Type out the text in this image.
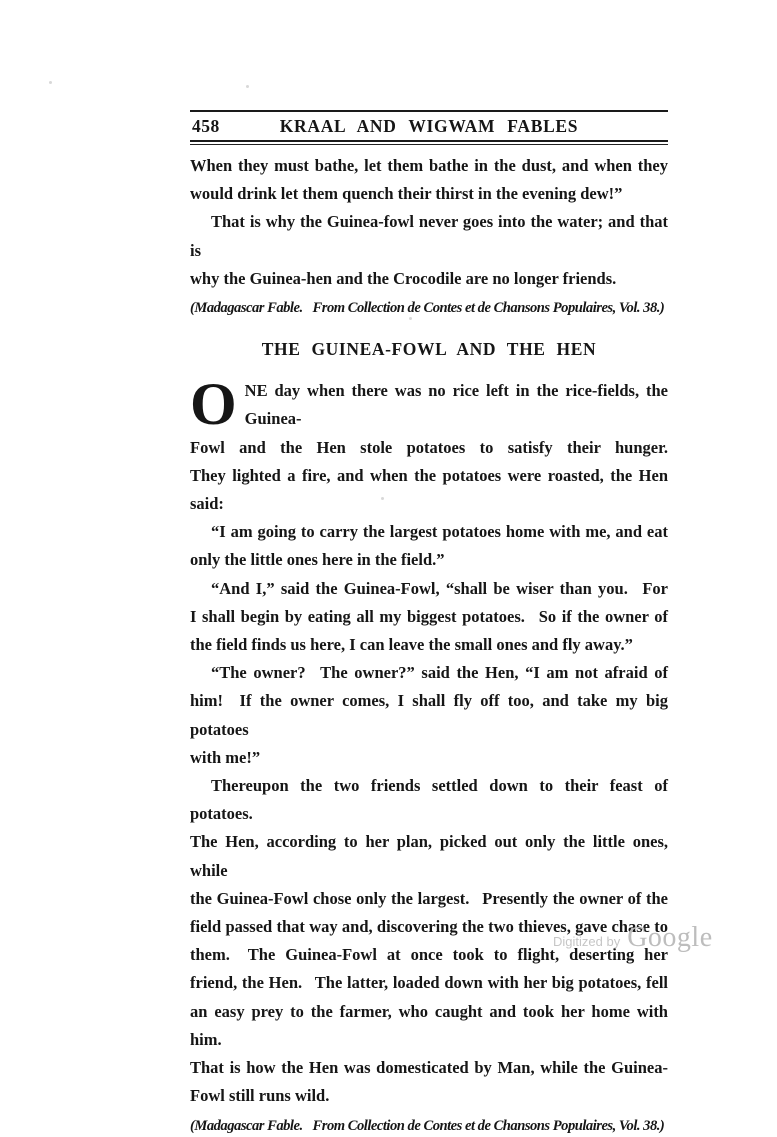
458	KRAAL AND WIGWAM FABLES
When they must bathe, let them bathe in the dust, and when they
would drink let them quench their thirst in the evening dew!”
That is why the Guinea-fowl never goes into the water; and that is
why the Guinea-hen and the Crocodile are no longer friends.
(Madagascar Fable.  From Collection de Contes et de Chansons Populaires, Vol. 38.)
THE GUINEA-FOWL AND THE HEN
O NE day when there was no rice left in the rice-fields, the Guinea-
Fowl and the Hen stole potatoes to satisfy their hunger.
They lighted a fire, and when the potatoes were roasted, the Hen said:
“I am going to carry the largest potatoes home with me, and eat
only the little ones here in the field.”
“And I,” said the Guinea-Fowl, “shall be wiser than you.  For
I shall begin by eating all my biggest potatoes.  So if the owner of
the field finds us here, I can leave the small ones and fly away.”
“The owner?  The owner?” said the Hen, “I am not afraid of
him!  If the owner comes, I shall fly off too, and take my big potatoes
with me!”
Thereupon the two friends settled down to their feast of potatoes.
The Hen, according to her plan, picked out only the little ones, while
the Guinea-Fowl chose only the largest.  Presently the owner of the
field passed that way and, discovering the two thieves, gave chase to
them.  The Guinea-Fowl at once took to flight, deserting her
friend, the Hen.  The latter, loaded down with her big potatoes, fell
an easy prey to the farmer, who caught and took her home with him.
That is how the Hen was domesticated by Man, while the Guinea-
Fowl still runs wild.
(Madagascar Fable.  From Collection de Contes et de Chansons Populaires, Vol. 38.)
Digitized by Google
